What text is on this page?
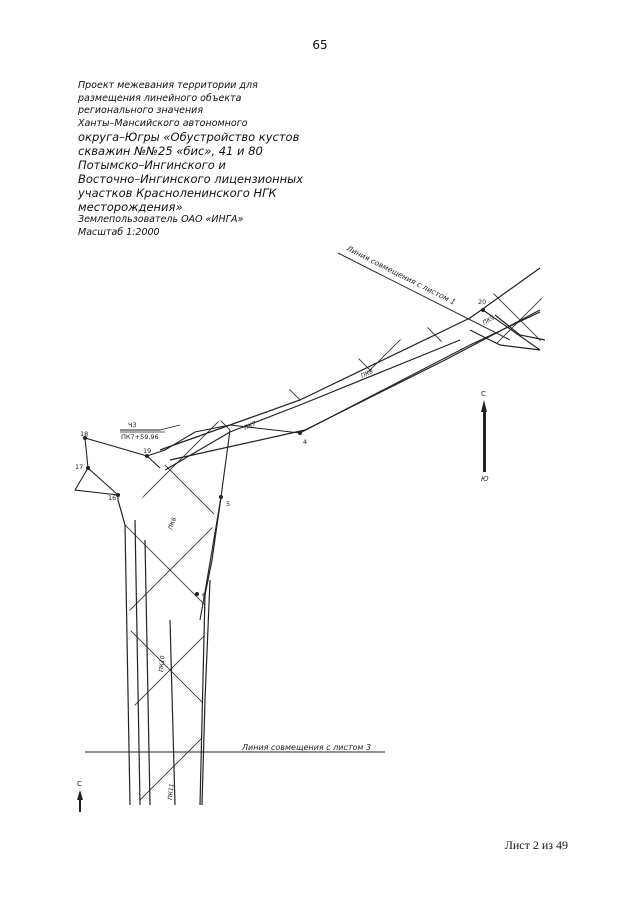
65
Проект межевания территории для
размещения линейного объекта
регионального значения
Ханты–Мансийского автономного
округа–Югры «Обустройство кустов
скважин №№25 «бис», 41 и 80
Потымско–Ингинского и
Восточно–Ингинского лицензионных
участков Красноленинского НГК
месторождения»
Землепользователь ОАО «ИНГА»
Масштаб 1:2000
Ч3
ПК7+59,96
Линия совмещения с листом 1
Линия совмещения с листом 3
4
5
6
16
17
18
19
20
ПК6
ПК7
ПК8
ПК9
ПК10
ПК11
С
Ю
С
Лист 2 из 49
